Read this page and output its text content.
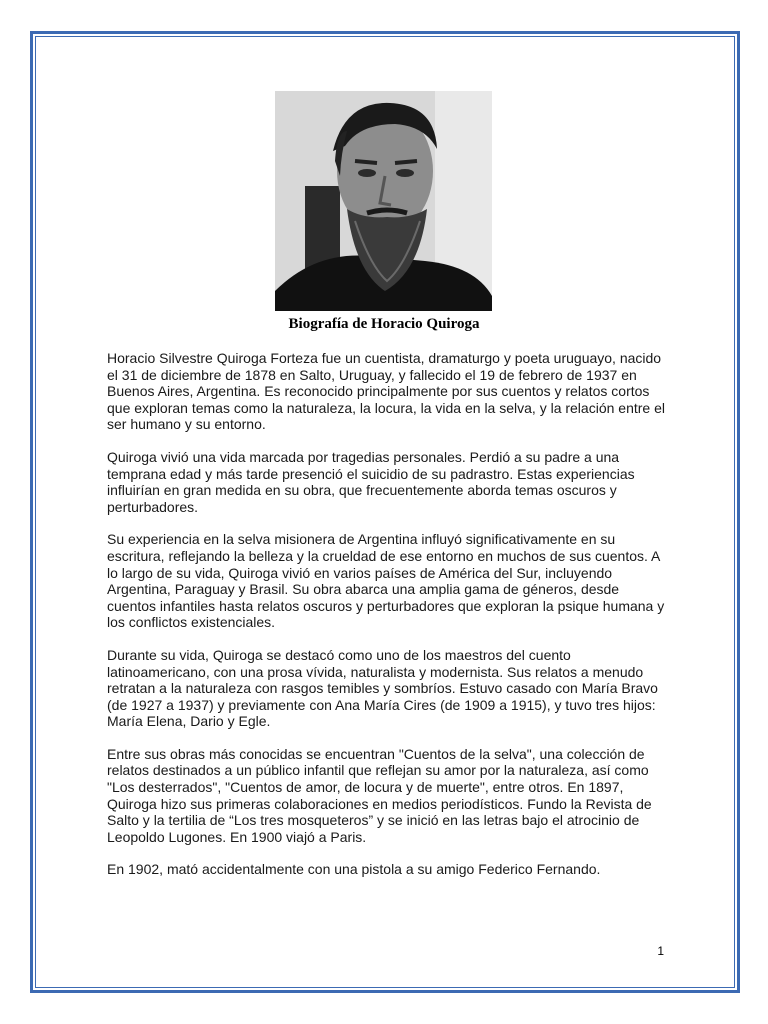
Biografía de Horacio Quiroga

Horacio Silvestre Quiroga Forteza fue un cuentista, dramaturgo y poeta uruguayo, nacido el 31 de diciembre de 1878 en Salto, Uruguay, y fallecido el 19 de febrero de 1937 en Buenos Aires, Argentina. Es reconocido principalmente por sus cuentos y relatos cortos que exploran temas como la naturaleza, la locura, la vida en la selva, y la relación entre el ser humano y su entorno.

Quiroga vivió una vida marcada por tragedias personales. Perdió a su padre a una temprana edad y más tarde presenció el suicidio de su padrastro. Estas experiencias influirían en gran medida en su obra, que frecuentemente aborda temas oscuros y perturbadores.

Su experiencia en la selva misionera de Argentina influyó significativamente en su escritura, reflejando la belleza y la crueldad de ese entorno en muchos de sus cuentos. A lo largo de su vida, Quiroga vivió en varios países de América del Sur, incluyendo Argentina, Paraguay y Brasil. Su obra abarca una amplia gama de géneros, desde cuentos infantiles hasta relatos oscuros y perturbadores que exploran la psique humana y los conflictos existenciales.

Durante su vida, Quiroga se destacó como uno de los maestros del cuento latinoamericano, con una prosa vívida, naturalista y modernista. Sus relatos a menudo retratan a la naturaleza con rasgos temibles y sombríos. Estuvo casado con María Bravo (de 1927 a 1937) y previamente con Ana María Cires (de 1909 a 1915), y tuvo tres hijos: María Elena, Dario y Egle.

Entre sus obras más conocidas se encuentran "Cuentos de la selva", una colección de relatos destinados a un público infantil que reflejan su amor por la naturaleza, así como "Los desterrados", "Cuentos de amor, de locura y de muerte", entre otros. En 1897, Quiroga hizo sus primeras colaboraciones en medios periodísticos. Fundo la Revista de Salto y la tertilia de “Los tres mosqueteros” y se inició en las letras bajo el atrocinio de Leopoldo Lugones. En 1900 viajó a Paris.

En 1902, mató accidentalmente con una pistola a su amigo Federico Fernando.

1
